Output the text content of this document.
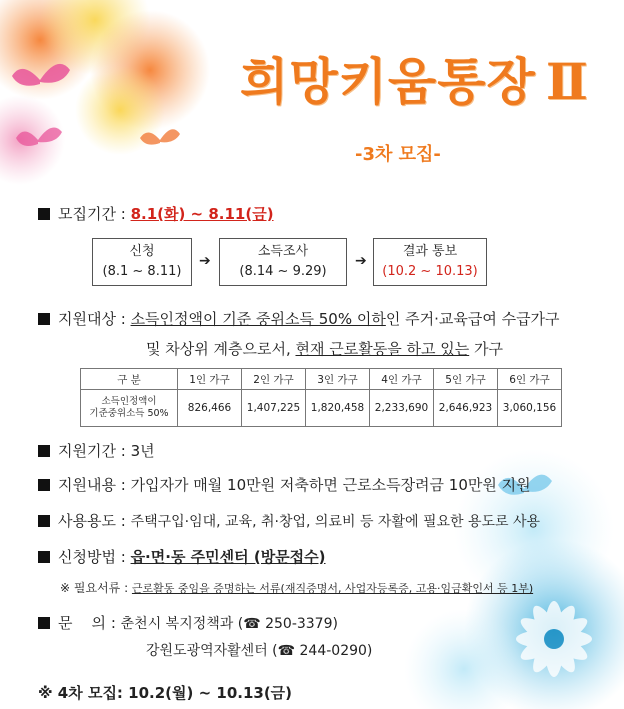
희망키움통장 Ⅱ
-3차 모집-
모집기간 : 8.1(화) ~ 8.11(금)
신청
(8.1 ~ 8.11)
➔
소득조사
(8.14 ~ 9.29)
➔
결과 통보
(10.2 ~ 10.13)
지원대상 : 소득인정액이 기준 중위소득 50% 이하인 주거·교육급여 수급가구
및 차상위 계층으로서, 현재 근로활동을 하고 있는 가구
구 분	1인 가구	2인 가구	3인 가구	4인 가구	5인 가구	6인 가구

소득인정액이
기준중위소득 50%	826,466	1,407,225	1,820,458	2,233,690	2,646,923	3,060,156
지원기간 : 3년
지원내용 : 가입자가 매월 10만원 저축하면 근로소득장려금 10만원 지원
사용용도 : 주택구입·임대, 교육, 취·창업, 의료비 등 자활에 필요한 용도로 사용
신청방법 : 읍·면·동 주민센터 (방문접수)
※ 필요서류 : 근로활동 중임을 증명하는 서류(재직증명서, 사업자등록증, 고용·임금확인서 등 1부)
문    의 : 춘천시 복지정책과 (☎ 250-3379)
강원도광역자활센터 (☎ 244-0290)
※ 4차 모집: 10.2(월) ~ 10.13(금)
